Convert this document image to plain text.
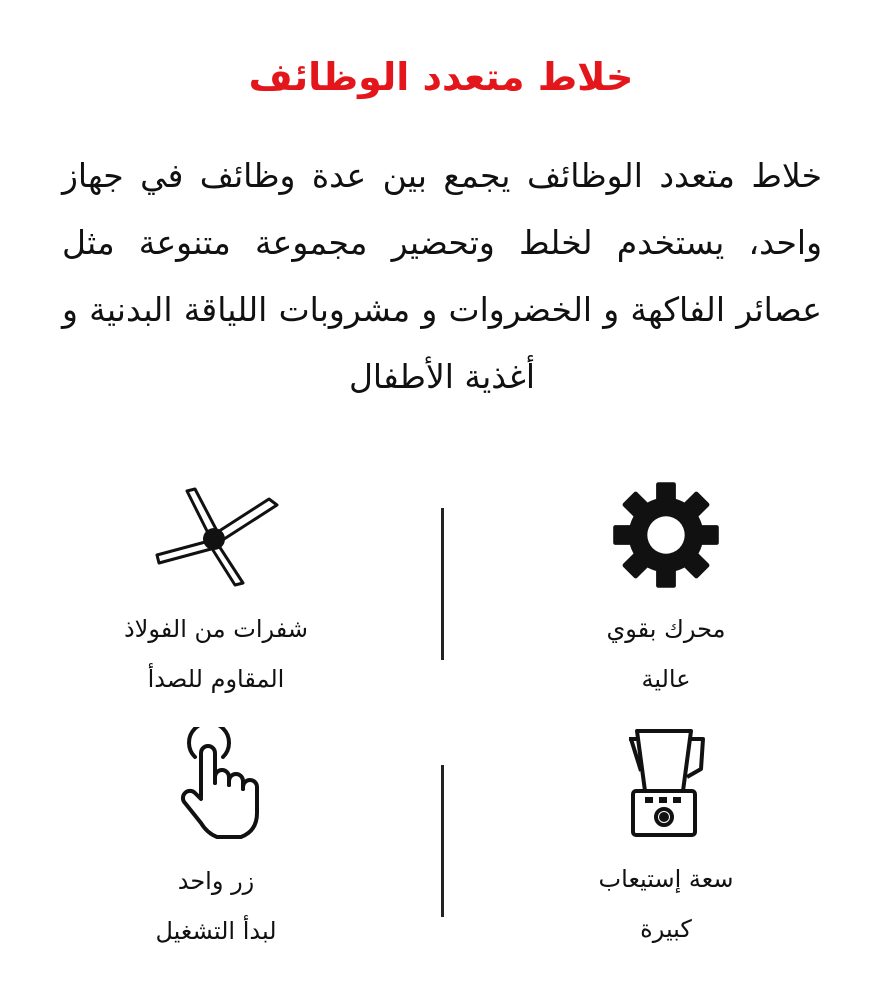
خلاط متعدد الوظائف
خلاط متعدد الوظائف يجمع بين عدة وظائف في جهاز واحد، يستخدم لخلط وتحضير مجموعة متنوعة مثل عصائر الفاكهة و الخضروات و مشروبات اللياقة البدنية و أغذية الأطفال
محرك بقوي
عالية
شفرات من الفولاذ
المقاوم للصدأ
سعة إستيعاب
كبيرة
زر واحد
لبدأ التشغيل
